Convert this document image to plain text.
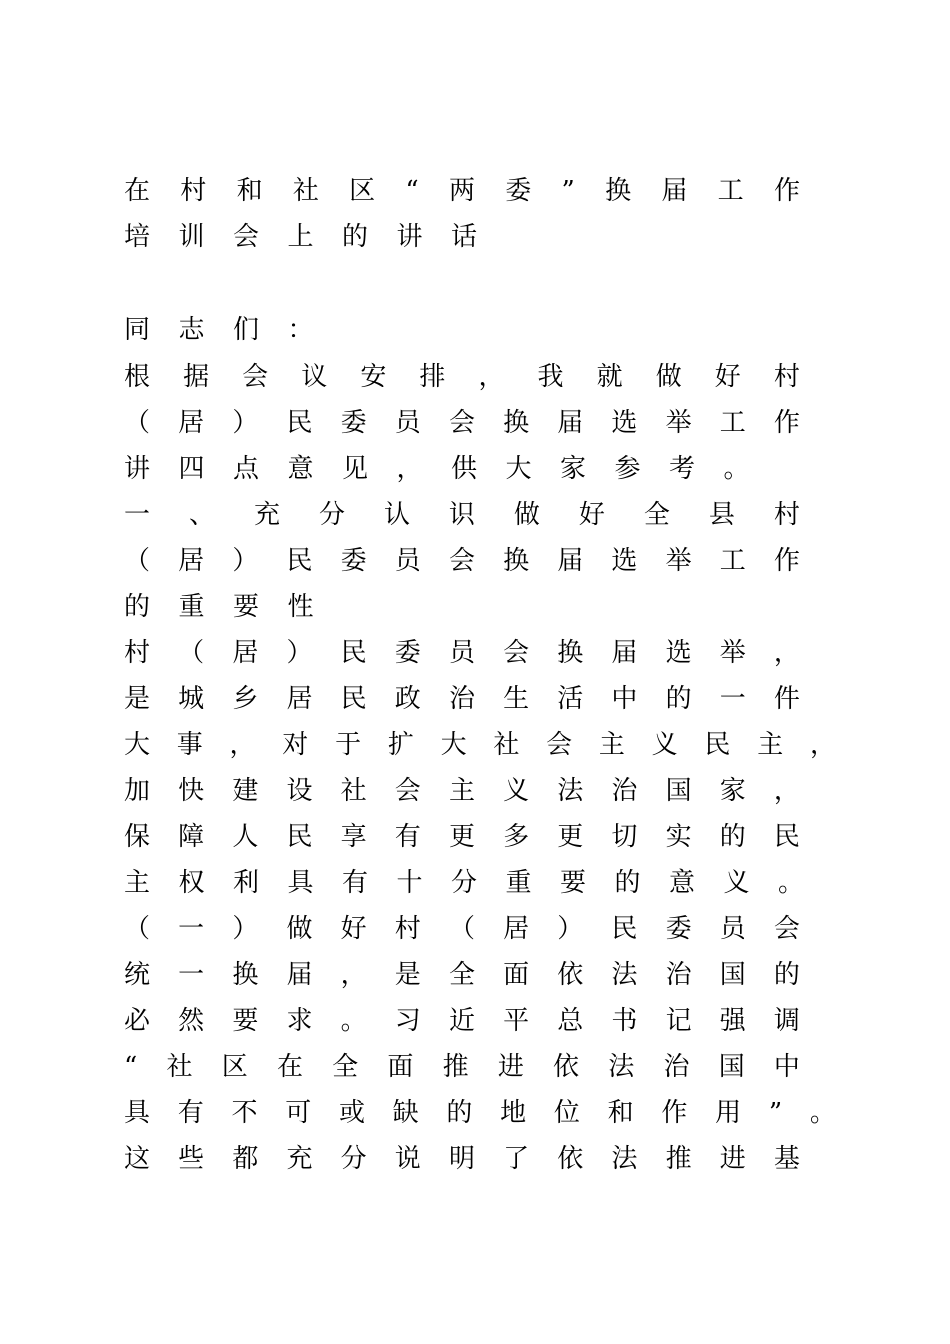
在 村 和 社 区 “ 两 委 ” 换 届 工 作
培	训	会	上	的	讲	话
同	志	们	：
根 据 会 议 安 排 ， 我 就 做 好 村
（ 居 ） 民 委 员 会 换 届 选 举 工 作
讲	四	点	意	见	，	供	大	家	参	考	。
一 、 充 分 认 识 做 好 全 县 村
（ 居 ） 民 委 员 会 换 届 选 举 工 作
的	重	要	性
村 （ 居 ） 民 委 员 会 换 届 选 举 ，
是 城 乡 居 民 政 治 生 活 中 的 一 件
大 事 ， 对 于 扩 大 社 会 主 义 民 主 ，
加 快 建 设 社 会 主 义 法 治 国 家 ，
保 障 人 民 享 有 更 多 更 切 实 的 民
主	权	利	具	有	十	分	重	要	的	意	义	。
（ 一 ） 做 好 村 （ 居 ） 民 委 员 会
统 一 换 届 ， 是 全 面 依 法 治 国 的
必 然 要 求 。 习 近 平 总 书 记 强 调
“ 社 区 在 全 面 推 进 依 法 治 国 中
具 有 不 可 或 缺 的 地 位 和 作 用 ” 。
这 些 都 充 分 说 明 了 依 法 推 进 基
